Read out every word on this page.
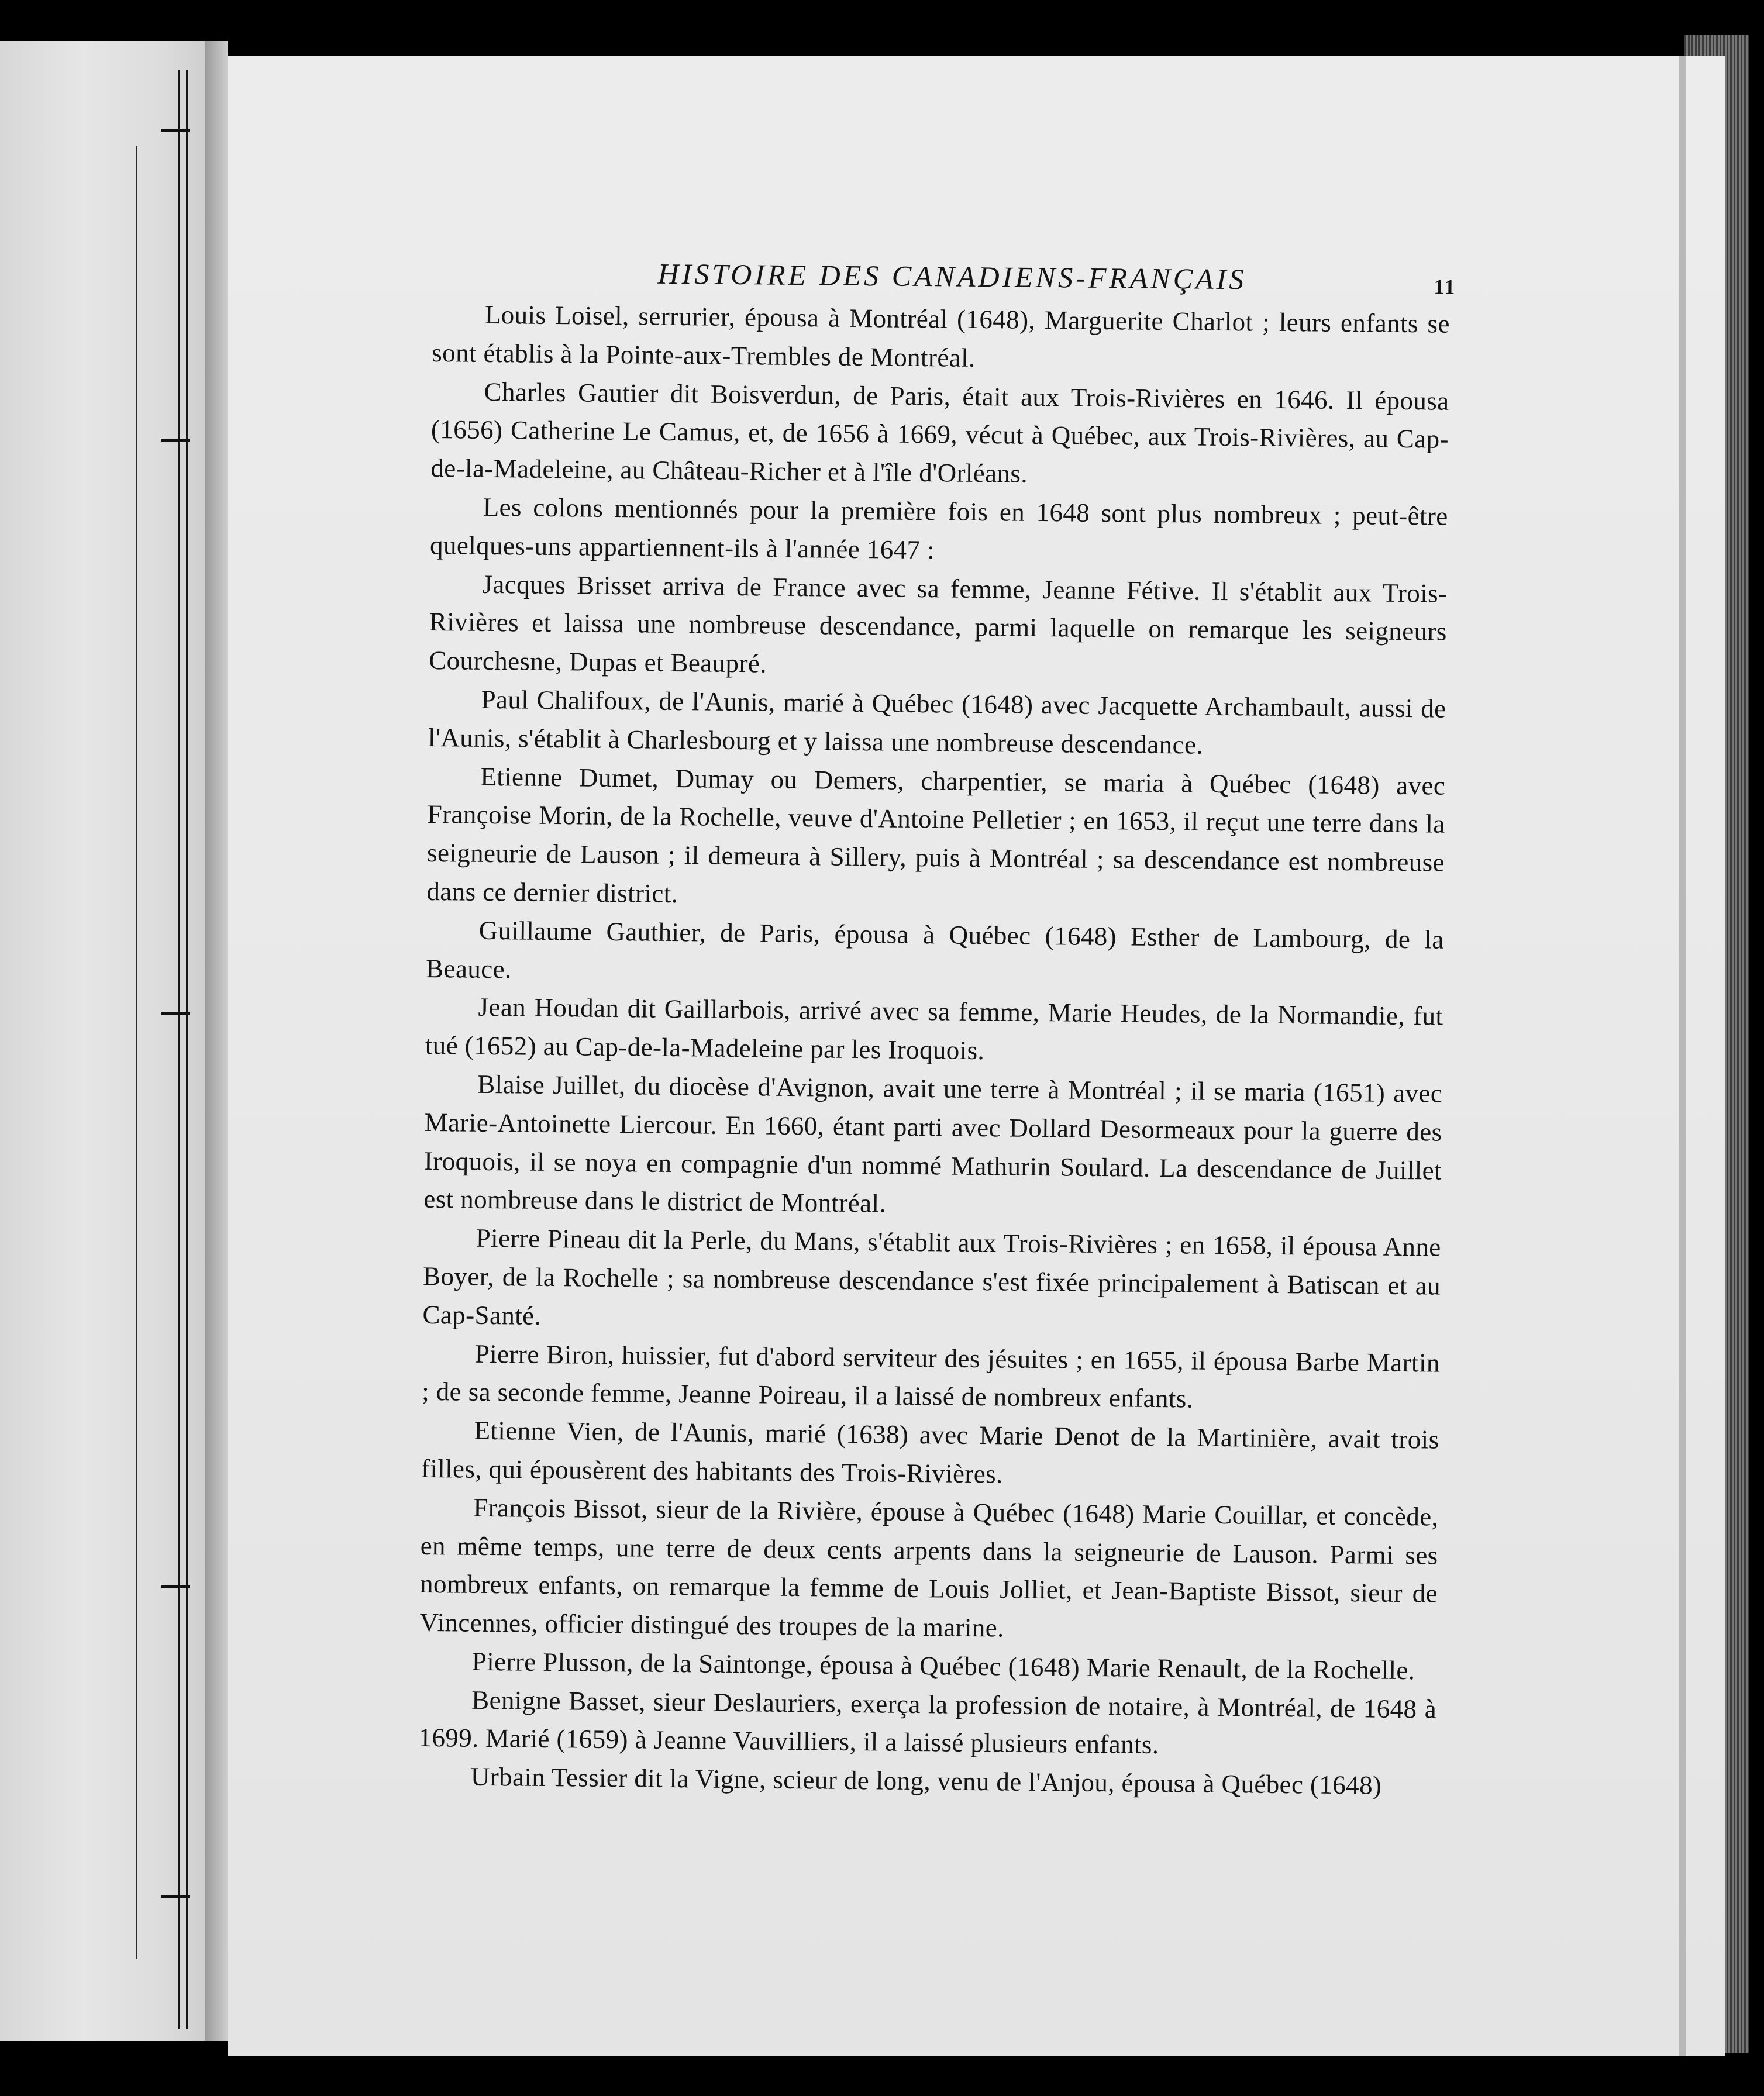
HISTOIRE DES CANADIENS-FRANÇAIS	11

Louis Loisel, serrurier, épousa à Montréal (1648), Marguerite Charlot ; leurs enfants se sont établis à la Pointe-aux-Trembles de Montréal.

Charles Gautier dit Boisverdun, de Paris, était aux Trois-Rivières en 1646. Il épousa (1656) Catherine Le Camus, et, de 1656 à 1669, vécut à Québec, aux Trois-Rivières, au Cap-de-la-Madeleine, au Château-Richer et à l'île d'Orléans.

Les colons mentionnés pour la première fois en 1648 sont plus nombreux ; peut-être quelques-uns appartiennent-ils à l'année 1647 :

Jacques Brisset arriva de France avec sa femme, Jeanne Fétive. Il s'établit aux Trois-Rivières et laissa une nombreuse descendance, parmi laquelle on remarque les seigneurs Courchesne, Dupas et Beaupré.

Paul Chalifoux, de l'Aunis, marié à Québec (1648) avec Jacquette Archambault, aussi de l'Aunis, s'établit à Charlesbourg et y laissa une nombreuse descendance.

Etienne Dumet, Dumay ou Demers, charpentier, se maria à Québec (1648) avec Françoise Morin, de la Rochelle, veuve d'Antoine Pelletier ; en 1653, il reçut une terre dans la seigneurie de Lauson ; il demeura à Sillery, puis à Montréal ; sa descendance est nombreuse dans ce dernier district.

Guillaume Gauthier, de Paris, épousa à Québec (1648) Esther de Lambourg, de la Beauce.

Jean Houdan dit Gaillarbois, arrivé avec sa femme, Marie Heudes, de la Normandie, fut tué (1652) au Cap-de-la-Madeleine par les Iroquois.

Blaise Juillet, du diocèse d'Avignon, avait une terre à Montréal ; il se maria (1651) avec Marie-Antoinette Liercour. En 1660, étant parti avec Dollard Desormeaux pour la guerre des Iroquois, il se noya en compagnie d'un nommé Mathurin Soulard. La descendance de Juillet est nombreuse dans le district de Montréal.

Pierre Pineau dit la Perle, du Mans, s'établit aux Trois-Rivières ; en 1658, il épousa Anne Boyer, de la Rochelle ; sa nombreuse descendance s'est fixée principalement à Batiscan et au Cap-Santé.

Pierre Biron, huissier, fut d'abord serviteur des jésuites ; en 1655, il épousa Barbe Martin ; de sa seconde femme, Jeanne Poireau, il a laissé de nombreux enfants.

Etienne Vien, de l'Aunis, marié (1638) avec Marie Denot de la Martinière, avait trois filles, qui épousèrent des habitants des Trois-Rivières.

François Bissot, sieur de la Rivière, épouse à Québec (1648) Marie Couillar, et concède, en même temps, une terre de deux cents arpents dans la seigneurie de Lauson. Parmi ses nombreux enfants, on remarque la femme de Louis Jolliet, et Jean-Baptiste Bissot, sieur de Vincennes, officier distingué des troupes de la marine.

Pierre Plusson, de la Saintonge, épousa à Québec (1648) Marie Renault, de la Rochelle.

Benigne Basset, sieur Deslauriers, exerça la profession de notaire, à Montréal, de 1648 à 1699. Marié (1659) à Jeanne Vauvilliers, il a laissé plusieurs enfants.

Urbain Tessier dit la Vigne, scieur de long, venu de l'Anjou, épousa à Québec (1648)
